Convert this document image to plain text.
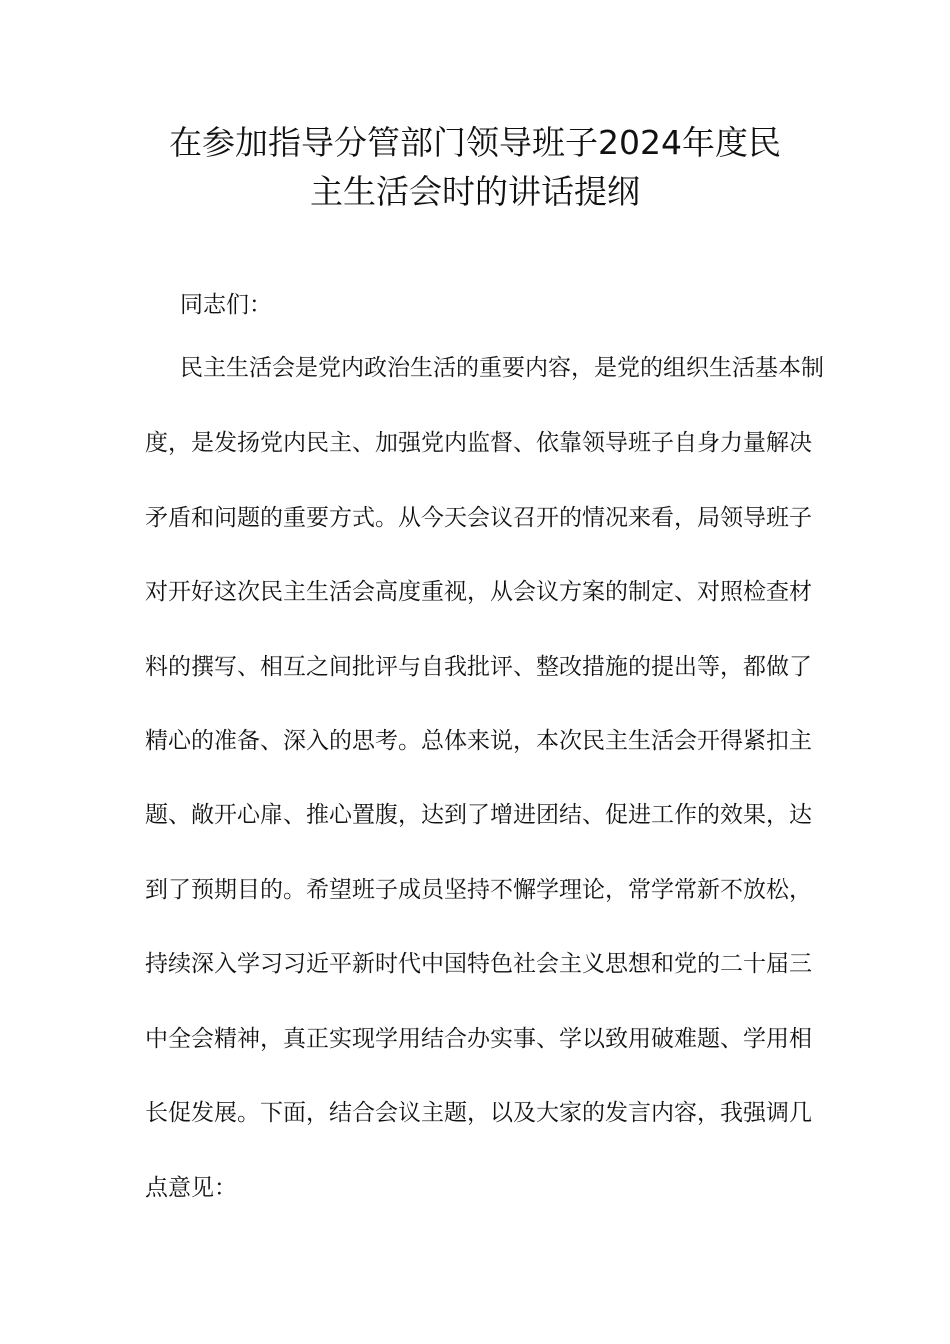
在参加指导分管部门领导班子2024年度民
主生活会时的讲话提纲
同志们：
民主生活会是党内政治生活的重要内容，是党的组织生活基本制
度，是发扬党内民主、加强党内监督、依靠领导班子自身力量解决
矛盾和问题的重要方式。从今天会议召开的情况来看，局领导班子
对开好这次民主生活会高度重视，从会议方案的制定、对照检查材
料的撰写、相互之间批评与自我批评、整改措施的提出等，都做了
精心的准备、深入的思考。总体来说，本次民主生活会开得紧扣主
题、敞开心扉、推心置腹，达到了增进团结、促进工作的效果，达
到了预期目的。希望班子成员坚持不懈学理论，常学常新不放松，
持续深入学习习近平新时代中国特色社会主义思想和党的二十届三
中全会精神，真正实现学用结合办实事、学以致用破难题、学用相
长促发展。下面，结合会议主题，以及大家的发言内容，我强调几
点意见：
